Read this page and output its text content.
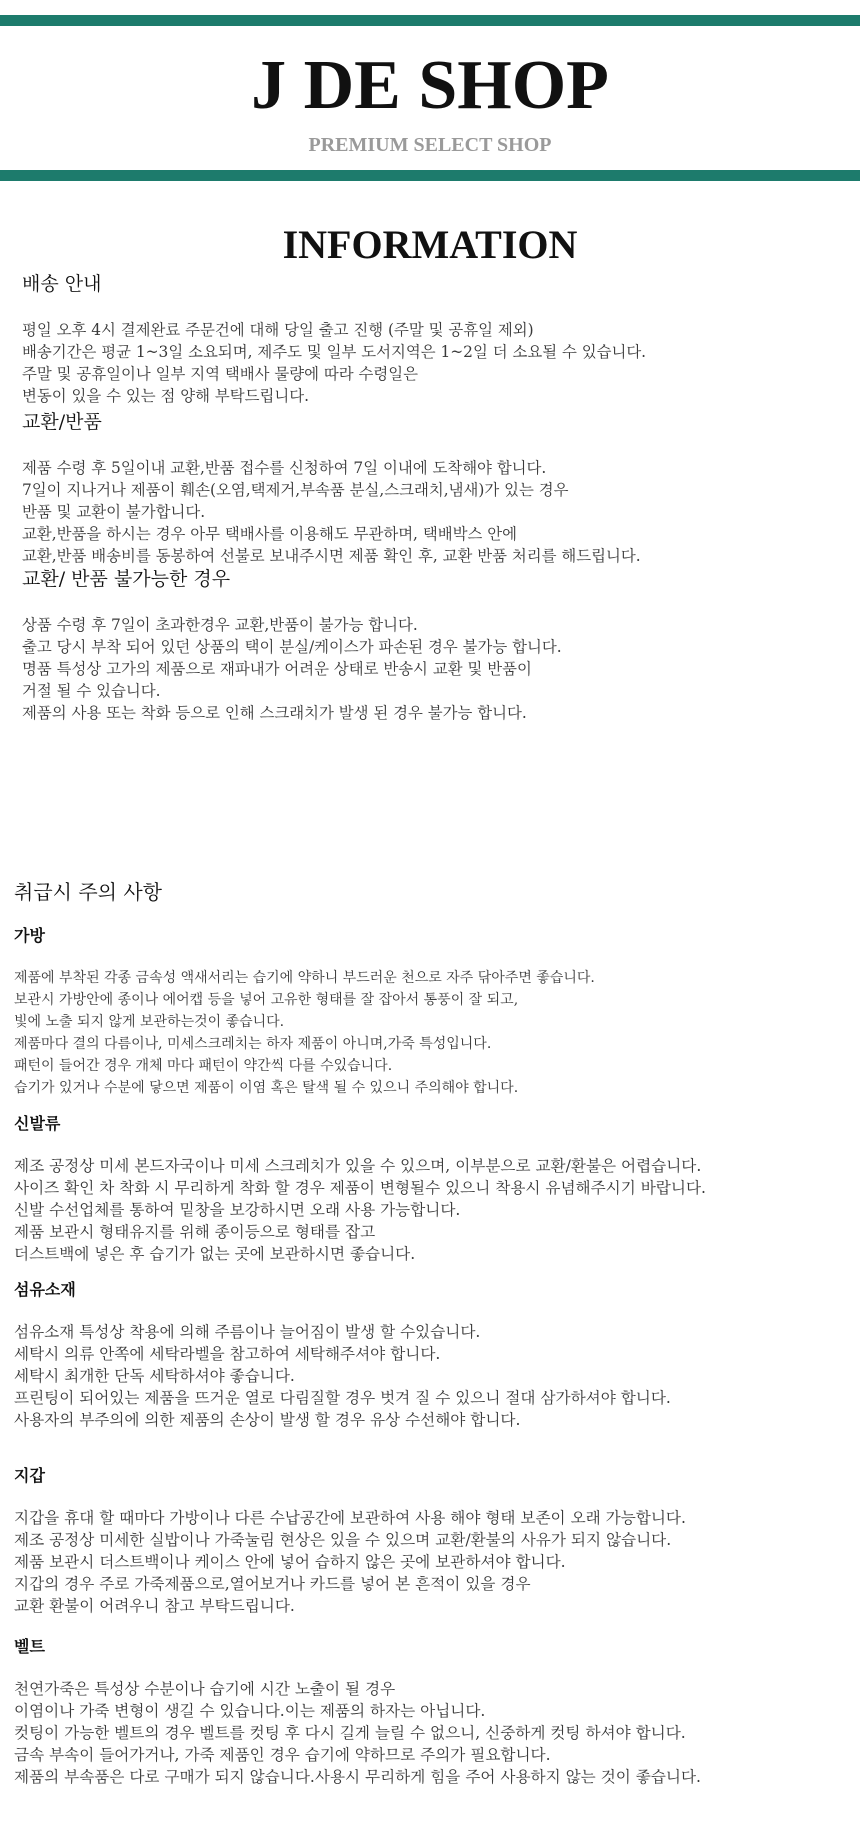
J DE SHOP
PREMIUM SELECT SHOP
INFORMATION
배송 안내
평일 오후 4시 결제완료 주문건에 대해 당일 출고 진행 (주말 및 공휴일 제외)
배송기간은 평균 1~3일 소요되며, 제주도 및 일부 도서지역은 1~2일 더 소요될 수 있습니다.
주말 및 공휴일이나 일부 지역 택배사 물량에 따라 수령일은
변동이 있을 수 있는 점 양해 부탁드립니다.
교환/반품
제품 수령 후 5일이내 교환,반품 접수를 신청하여 7일 이내에 도착해야 합니다.
7일이 지나거나 제품이 훼손(오염,택제거,부속품 분실,스크래치,냄새)가 있는 경우
반품 및 교환이 불가합니다.
교환,반품을 하시는 경우 아무 택배사를 이용해도 무관하며, 택배박스 안에
교환,반품 배송비를 동봉하여 선불로 보내주시면 제품 확인 후, 교환 반품 처리를 해드립니다.
교환/ 반품 불가능한 경우
상품 수령 후 7일이 초과한경우 교환,반품이 불가능 합니다.
출고 당시 부착 되어 있던 상품의 택이 분실/케이스가 파손된 경우 불가능 합니다.
명품 특성상 고가의 제품으로 재파내가 어려운 상태로 반송시 교환 및 반품이
거절 될 수 있습니다.
제품의 사용 또는 착화 등으로 인해 스크래치가 발생 된 경우 불가능 합니다.
취급시 주의 사항
가방
제품에 부착된 각종 금속성 액새서리는 습기에 약하니 부드러운 천으로 자주 닦아주면 좋습니다.
보관시 가방안에 종이나 에어캡 등을 넣어 고유한 형태를 잘 잡아서 통풍이 잘 되고,
빛에 노출 되지 않게 보관하는것이 좋습니다.
제품마다 결의 다름이나, 미세스크레치는 하자 제품이 아니며,가죽 특성입니다.
패턴이 들어간 경우 개체 마다 패턴이 약간씩 다를 수있습니다.
습기가 있거나 수분에 닿으면 제품이 이염 혹은 탈색 될 수 있으니 주의해야 합니다.
신발류
제조 공정상 미세 본드자국이나 미세 스크레치가 있을 수 있으며, 이부분으로 교환/환불은 어렵습니다.
사이즈 확인 차 착화 시 무리하게 착화 할 경우 제품이 변형될수 있으니 착용시 유념해주시기 바랍니다.
신발 수선업체를 통하여 밑창을 보강하시면 오래 사용 가능합니다.
제품 보관시 형태유지를 위해 종이등으로 형태를 잡고
더스트백에 넣은 후 습기가 없는 곳에 보관하시면 좋습니다.
섬유소재
섬유소재 특성상 착용에 의해 주름이나 늘어짐이 발생 할 수있습니다.
세탁시 의류 안쪽에 세탁라벨을 참고하여 세탁해주셔야 합니다.
세탁시 최개한 단독 세탁하셔야 좋습니다.
프린팅이 되어있는 제품을 뜨거운 열로 다림질할 경우 벗겨 질 수 있으니 절대 삼가하셔야 합니다.
사용자의 부주의에 의한 제품의 손상이 발생 할 경우 유상 수선해야 합니다.
지갑
지갑을 휴대 할 때마다 가방이나 다른 수납공간에 보관하여 사용 해야 형태 보존이 오래 가능합니다.
제조 공정상 미세한 실밥이나 가죽눌림 현상은 있을 수 있으며 교환/환불의 사유가 되지 않습니다.
제품 보관시 더스트백이나 케이스 안에 넣어 습하지 않은 곳에 보관하셔야 합니다.
지갑의 경우 주로 가죽제품으로,열어보거나 카드를 넣어 본 흔적이 있을 경우
교환 환불이 어려우니 참고 부탁드립니다.
벨트
천연가죽은 특성상 수분이나 습기에 시간 노출이 될 경우
이염이나 가죽 변형이 생길 수 있습니다.이는 제품의 하자는 아닙니다.
컷팅이 가능한 벨트의 경우 벨트를 컷팅 후 다시 길게 늘릴 수 없으니, 신중하게 컷팅 하셔야 합니다.
금속 부속이 들어가거나, 가죽 제품인 경우 습기에 약하므로 주의가 필요합니다.
제품의 부속품은 다로 구매가 되지 않습니다.사용시 무리하게 힘을 주어 사용하지 않는 것이 좋습니다.
